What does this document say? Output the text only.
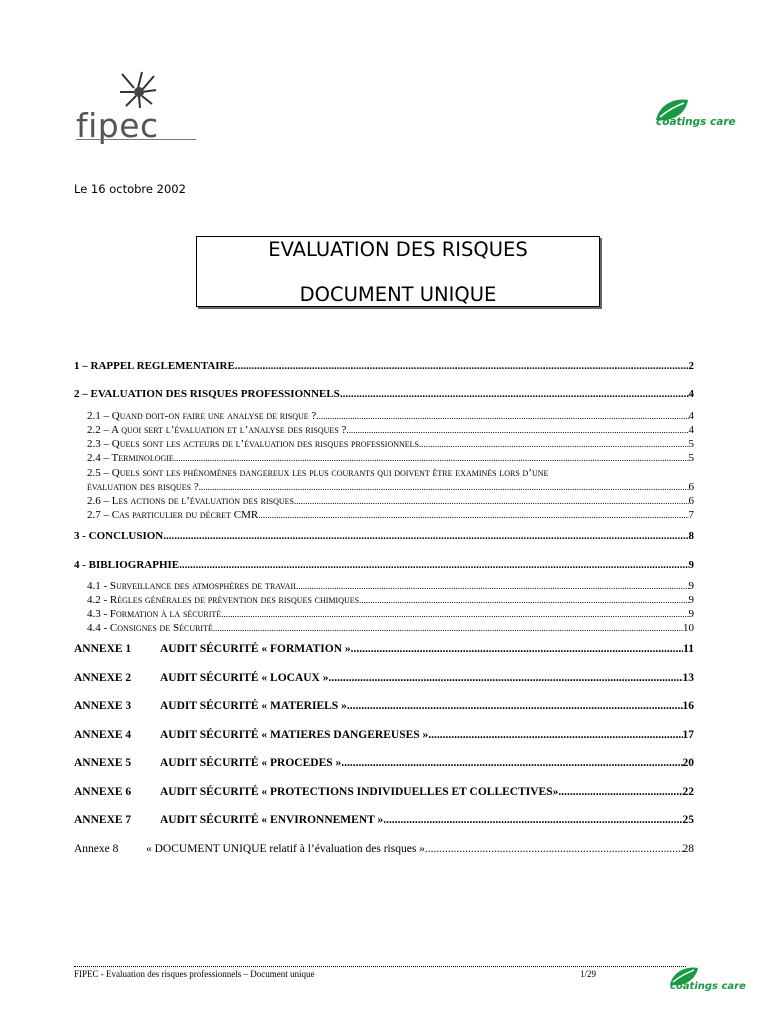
fipec	coatings care
Le 16 octobre 2002
EVALUATION DES RISQUES
DOCUMENT UNIQUE
1 – RAPPEL REGLEMENTAIRE .....	2
2 – EVALUATION DES RISQUES PROFESSIONNELS .....	4
2.1 – Quand doit-on faire une analyse de risque ? .....	4
2.2 – A quoi sert l’évaluation et l’analyse des risques ? .....	4
2.3 – Quels sont les acteurs de l’évaluation des risques professionnels .....	5
2.4 – Terminologie .....	5
2.5 – Quels sont les phénomènes dangereux les plus courants qui doivent être examinés lors d’une
évaluation des risques ? .....	6
2.6 – Les actions de l’évaluation des risques .....	6
2.7 – Cas particulier du décret CMR .....	7
3 - CONCLUSION .....	8
4 - BIBLIOGRAPHIE .....	9
4.1 - Surveillance des atmosphères de travail .....	9
4.2 - Règles générales de prévention des risques chimiques .....	9
4.3 - Formation à la sécurité .....	9
4.4 - Consignes de Sécurité .....	10
ANNEXE 1	AUDIT SÉCURITÉ « FORMATION » .....	11
ANNEXE 2	AUDIT SÉCURITÉ « LOCAUX » .....	13
ANNEXE 3	AUDIT SÉCURITÉ « MATERIELS » .....	16
ANNEXE 4	AUDIT SÉCURITÉ « MATIERES DANGEREUSES » .....	17
ANNEXE 5	AUDIT SÉCURITÉ « PROCEDES » .....	20
ANNEXE 6	AUDIT SÉCURITÉ « PROTECTIONS INDIVIDUELLES ET COLLECTIVES» .....	22
ANNEXE 7	AUDIT SÉCURITÉ « ENVIRONNEMENT » .....	25
Annexe 8 « DOCUMENT UNIQUE relatif à l’évaluation des risques » .....	28
FIPEC - Evaluation des risques professionnels – Document unique	1/29
coatings care
